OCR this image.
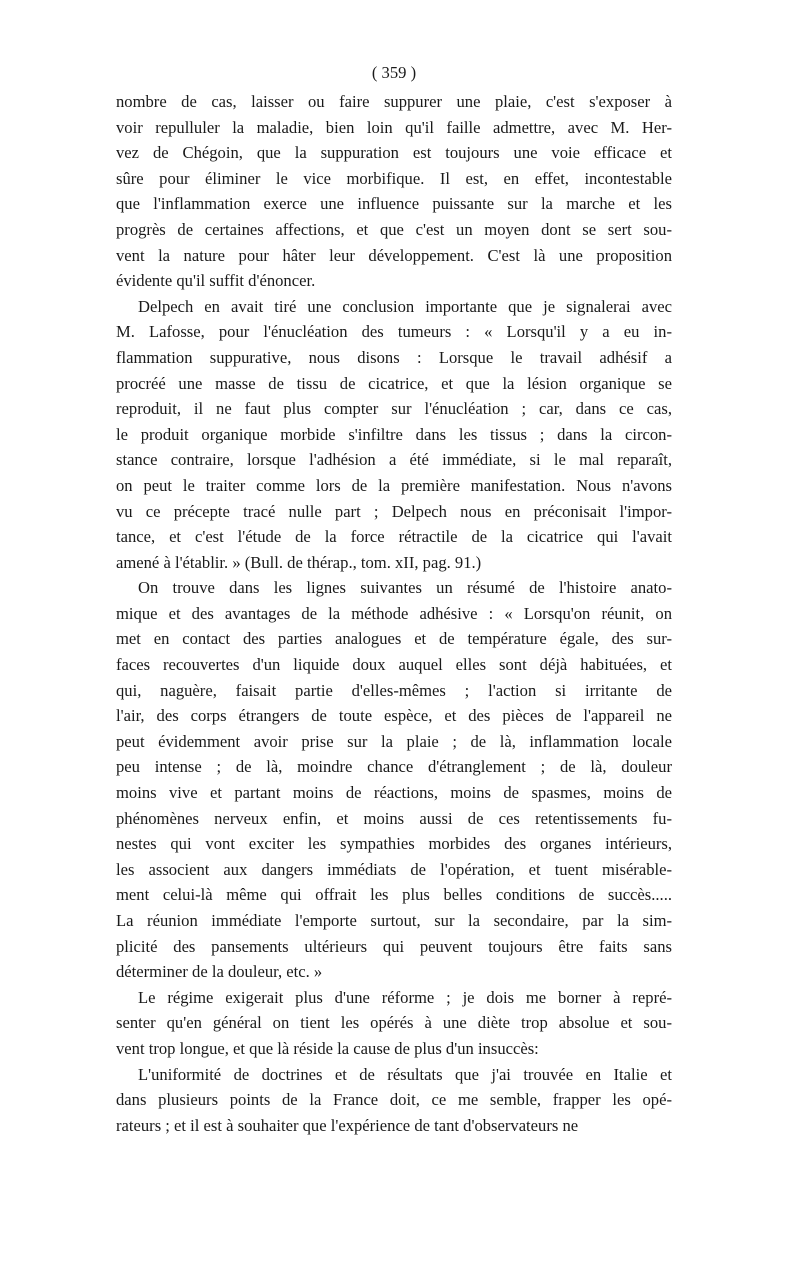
( 359 )

nombre de cas, laisser ou faire suppurer une plaie, c'est s'exposer à
voir repulluler la maladie, bien loin qu'il faille admettre, avec M. Her-
vez de Chégoin, que la suppuration est toujours une voie efficace et
sûre pour éliminer le vice morbifique. Il est, en effet, incontestable
que l'inflammation exerce une influence puissante sur la marche et les
progrès de certaines affections, et que c'est un moyen dont se sert sou-
vent la nature pour hâter leur développement. C'est là une proposition
évidente qu'il suffit d'énoncer.

Delpech en avait tiré une conclusion importante que je signalerai avec
M. Lafosse, pour l'énucléation des tumeurs : « Lorsqu'il y a eu in-
flammation suppurative, nous disons : Lorsque le travail adhésif a
procréé une masse de tissu de cicatrice, et que la lésion organique se
reproduit, il ne faut plus compter sur l'énucléation ; car, dans ce cas,
le produit organique morbide s'infiltre dans les tissus ; dans la circon-
stance contraire, lorsque l'adhésion a été immédiate, si le mal reparaît,
on peut le traiter comme lors de la première manifestation. Nous n'avons
vu ce précepte tracé nulle part ; Delpech nous en préconisait l'impor-
tance, et c'est l'étude de la force rétractile de la cicatrice qui l'avait
amené à l'établir. » (Bull. de thérap., tom. xII, pag. 91.)

On trouve dans les lignes suivantes un résumé de l'histoire anato-
mique et des avantages de la méthode adhésive : « Lorsqu'on réunit, on
met en contact des parties analogues et de température égale, des sur-
faces recouvertes d'un liquide doux auquel elles sont déjà habituées, et
qui, naguère, faisait partie d'elles-mêmes ; l'action si irritante de
l'air, des corps étrangers de toute espèce, et des pièces de l'appareil ne
peut évidemment avoir prise sur la plaie ; de là, inflammation locale
peu intense ; de là, moindre chance d'étranglement ; de là, douleur
moins vive et partant moins de réactions, moins de spasmes, moins de
phénomènes nerveux enfin, et moins aussi de ces retentissements fu-
nestes qui vont exciter les sympathies morbides des organes intérieurs,
les associent aux dangers immédiats de l'opération, et tuent misérable-
ment celui-là même qui offrait les plus belles conditions de succès.....
La réunion immédiate l'emporte surtout, sur la secondaire, par la sim-
plicité des pansements ultérieurs qui peuvent toujours être faits sans
déterminer de la douleur, etc. »

Le régime exigerait plus d'une réforme ; je dois me borner à repré-
senter qu'en général on tient les opérés à une diète trop absolue et sou-
vent trop longue, et que là réside la cause de plus d'un insuccès:

L'uniformité de doctrines et de résultats que j'ai trouvée en Italie et
dans plusieurs points de la France doit, ce me semble, frapper les opé-
rateurs ; et il est à souhaiter que l'expérience de tant d'observateurs ne
